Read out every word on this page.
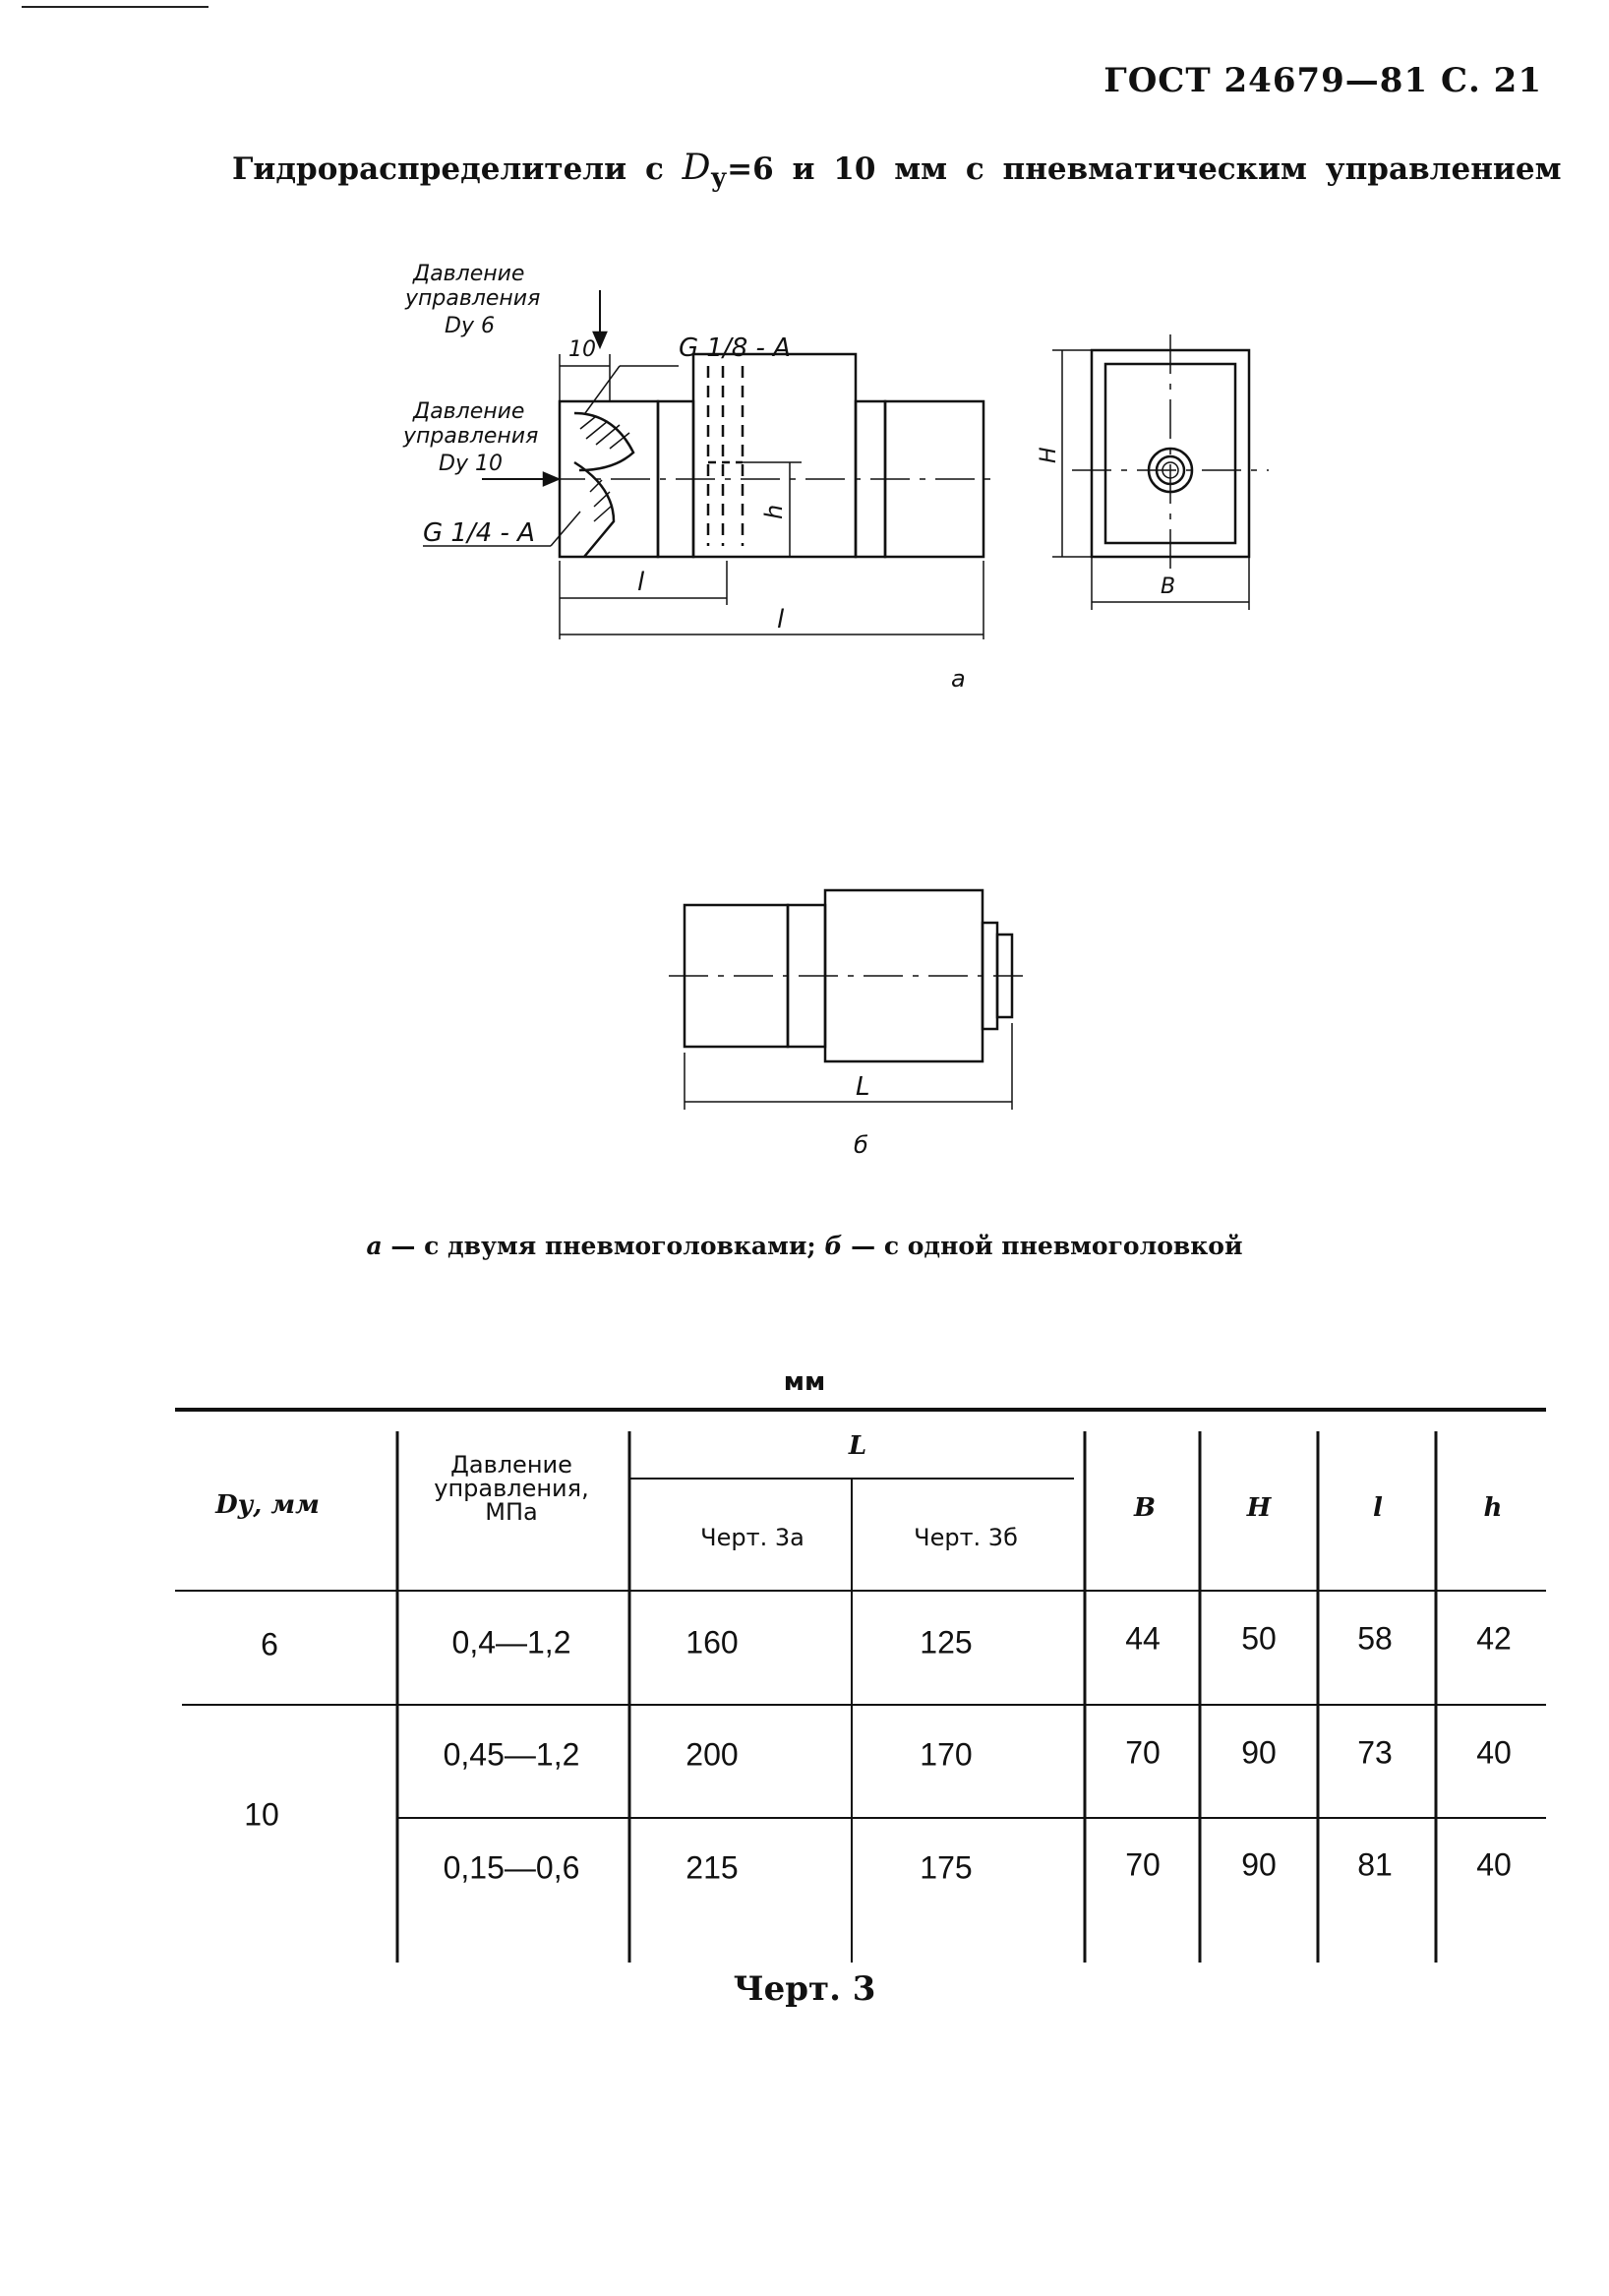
ГОСТ 24679—81 С. 21
Гидрораспределители с $D_у=6$ и 10 мм с пневматическим управлением
Давление
управления
Dу 6
Давление
управления
Dу 10
10	G 1/8 - A
G 1/4 - A
h
l
l
H
B
а
L
б
а — с двумя пневмоголовками; б — с одной пневмоголовкой
мм
Dу, мм
Давление
управления,
МПа
L
Черт. 3а	Черт. 3б
B	H	l	h
6	0,4—1,2	160	125	44	50	58	42
10
0,45—1,2	200	170	70	90	73	40
0,15—0,6	215	175	70	90	81	40
Черт. 3
